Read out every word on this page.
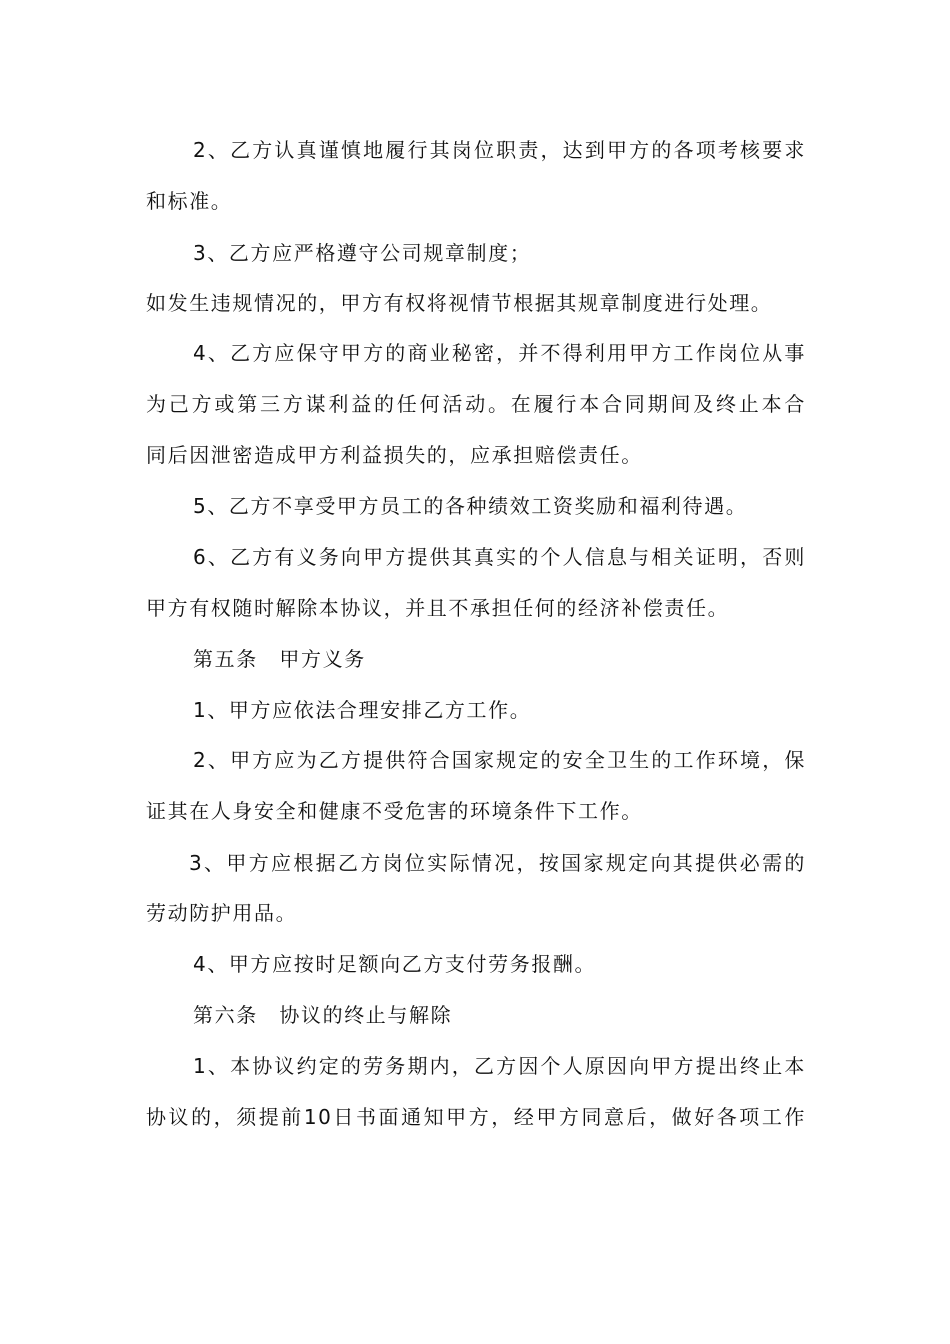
2、乙方认真谨慎地履行其岗位职责，达到甲方的各项考核要求
和标准。
3、乙方应严格遵守公司规章制度；
如发生违规情况的，甲方有权将视情节根据其规章制度进行处理。
4、乙方应保守甲方的商业秘密，并不得利用甲方工作岗位从事
为己方或第三方谋利益的任何活动。在履行本合同期间及终止本合
同后因泄密造成甲方利益损失的，应承担赔偿责任。
5、乙方不享受甲方员工的各种绩效工资奖励和福利待遇。
6、乙方有义务向甲方提供其真实的个人信息与相关证明，否则
甲方有权随时解除本协议，并且不承担任何的经济补偿责任。
第五条　甲方义务
1、甲方应依法合理安排乙方工作。
2、甲方应为乙方提供符合国家规定的安全卫生的工作环境，保
证其在人身安全和健康不受危害的环境条件下工作。
3、甲方应根据乙方岗位实际情况，按国家规定向其提供必需的
劳动防护用品。
4、甲方应按时足额向乙方支付劳务报酬。
第六条　协议的终止与解除
1、本协议约定的劳务期内，乙方因个人原因向甲方提出终止本
协议的，须提前10日书面通知甲方，经甲方同意后，做好各项工作
